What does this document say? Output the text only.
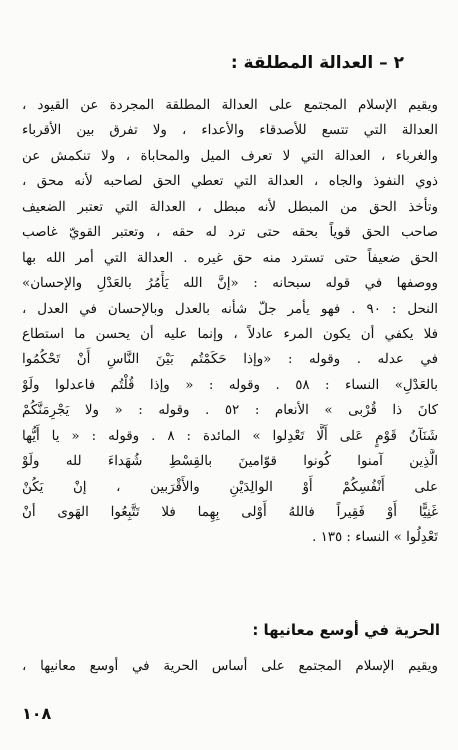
٢ – العدالة المطلقة :
ويقيم الإسلام المجتمع على العدالة المطلقة المجردة عن القيود ،
العدالة التي تتسع للأصدقاء والأعداء ، ولا تفرق بين الأقرباء
والغرباء ، العدالة التي لا تعرف الميل والمحاباة ، ولا تنكمش عن
ذوي النفوذ والجاه ، العدالة التي تعطي الحق لصاحبه لأنه محق ،
وتأخذ الحق من المبطل لأنه مبطل ، العدالة التي تعتبر الضعيف
صاحب الحق قوياً بحقه حتى ترد له حقه ، وتعتبر القويّ غاصب
الحق ضعيفاً حتى تسترد منه حق غيره . العدالة التي أمر الله بها
ووصفها في قوله سبحانه : «إنَّ الله يَأْمُرُ بالعَدْلِ والإحسان»
النحل : ٩٠ . فهو يأمر جلّ شأنه بالعدل وبالإحسان في العدل ،
فلا يكفي أن يكون المرء عادلاً ، وإنما عليه أن يحسن ما استطاع
في عدله . وقوله : «وإذا حَكَمْتُم بَيْنَ النَّاسِ أَنْ تَحْكُمُوا
بالعَدْلِ» النساء : ٥٨ . وقوله : « وإذا قُلْتُم فاعدلوا ولَوْ
كانَ ذا قُرْبى » الأنعام : ٥٢ . وقوله : « ولا يَجْرِمَنَّكُمْ
شَنَآنُ قَوْمٍ عَلى أَلَّا تَعْدِلوا » المائدة : ٨ . وقوله : « يا أَيُّها
الَّذِين آمنوا كُونوا قوّامينَ بالقِسْطِ شُهَداءَ لله ولَوْ
على أَنْفُسِكُمْ أَوْ الوالِدَيْنِ والأَقْرَبين ، إنْ يَكُنْ
غَنِيًّا أَوْ فَقِيراً فاللهُ أَوْلى بِهِما فلا تَتَّبِعُوا الهَوى أنْ
تَعْدِلُوا » النساء : ١٣٥ .
الحرية في أوسع معانيها :
ويقيم الإسلام المجتمع على أساس الحرية في أوسع معانيها ،
١٠٨
